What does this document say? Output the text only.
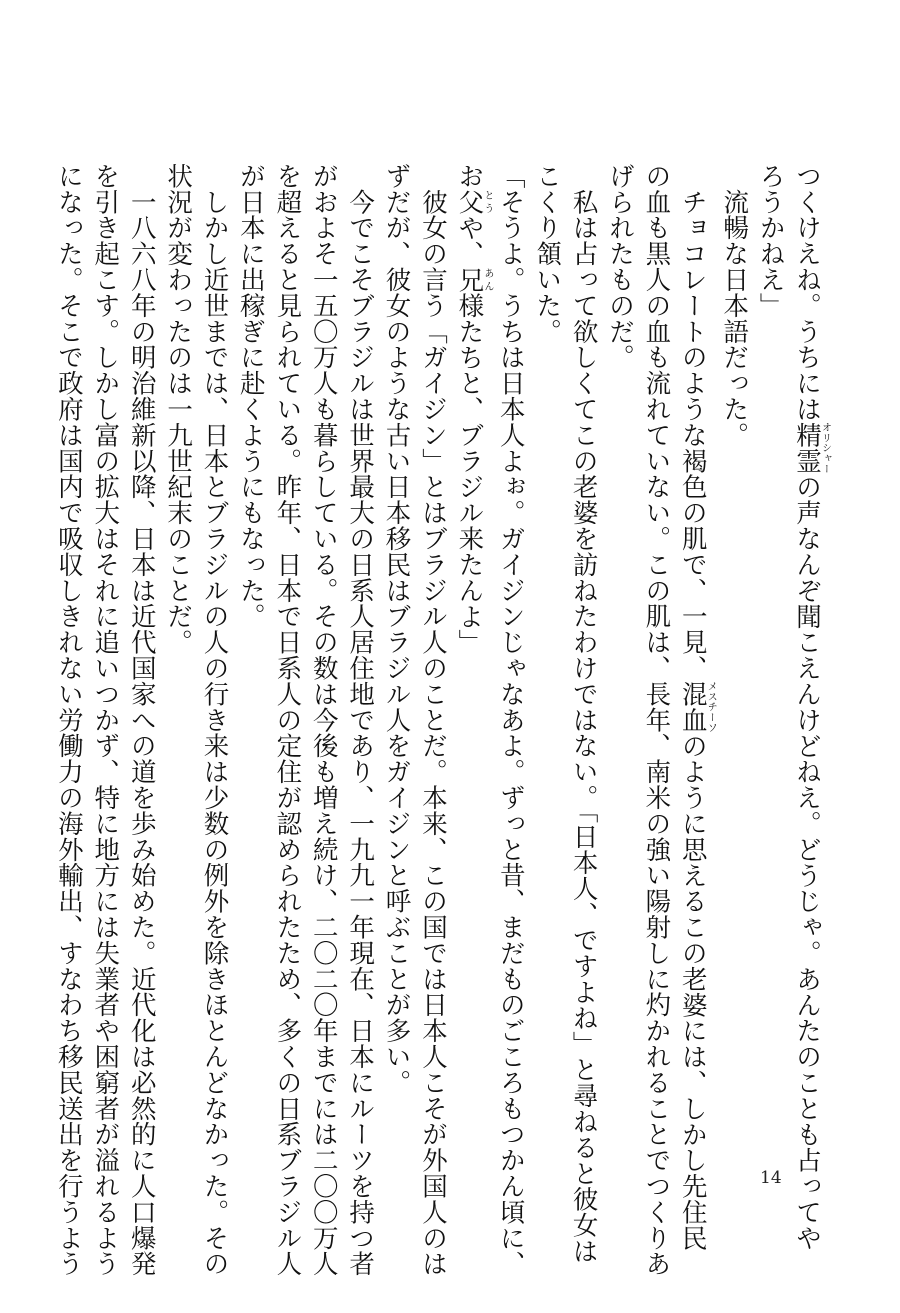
つくけえね。うちには精霊オリシャーの声なんぞ聞こえんけどねえ。どうじゃ。あんたのことも占ってや
ろうかねえ」
　流暢な日本語だった。
　チョコレートのような褐色の肌で、一見、混血メスチーソのように思えるこの老婆には、しかし先住民
の血も黒人の血も流れていない。この肌は、長年、南米の強い陽射しに灼かれることでつくりあ
げられたものだ。
　私は占って欲しくてこの老婆を訪ねたわけではない。「日本人、ですよね」と尋ねると彼女は
こくり頷いた。
「そうよ。うちは日本人よぉ。ガイジンじゃなあよ。ずっと昔、まだものごころもつかん頃に、
お父とうや、兄あん様たちと、ブラジル来たんよ」
　彼女の言う「ガイジン」とはブラジル人のことだ。本来、この国では日本人こそが外国人のは
ずだが、彼女のような古い日本移民はブラジル人をガイジンと呼ぶことが多い。
　今でこそブラジルは世界最大の日系人居住地であり、一九九一年現在、日本にルーツを持つ者
がおよそ一五〇万人も暮らしている。その数は今後も増え続け、二〇二〇年までには二〇〇万人
を超えると見られている。昨年、日本で日系人の定住が認められたため、多くの日系ブラジル人
が日本に出稼ぎに赴くようにもなった。
　しかし近世までは、日本とブラジルの人の行き来は少数の例外を除きほとんどなかった。その
状況が変わったのは一九世紀末のことだ。
　一八六八年の明治維新以降、日本は近代国家への道を歩み始めた。近代化は必然的に人口爆発
を引き起こす。しかし富の拡大はそれに追いつかず、特に地方には失業者や困窮者が溢れるよう
になった。そこで政府は国内で吸収しきれない労働力の海外輸出、すなわち移民送出を行うよう	14
